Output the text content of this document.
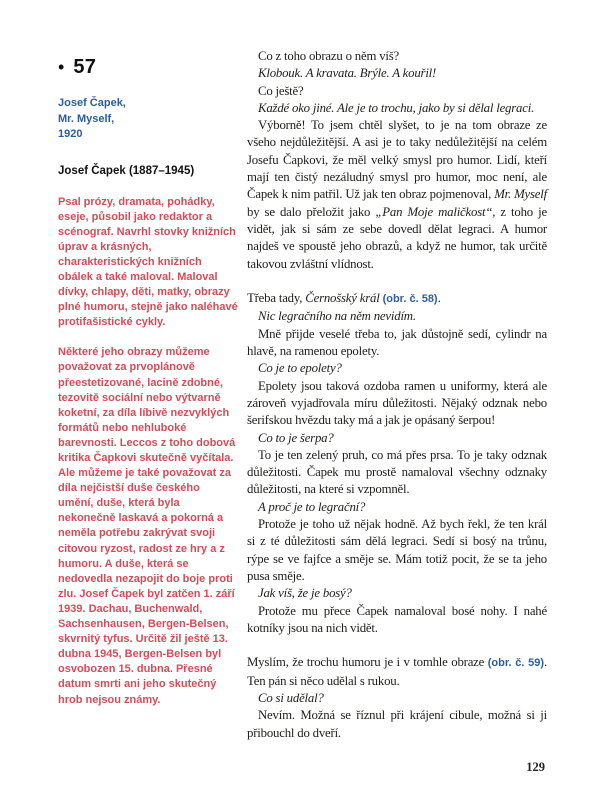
• 57
Josef Čapek,
Mr. Myself,
1920
Josef Čapek (1887–1945)

Psal prózy, dramata, pohádky, eseje, působil jako redaktor a scénograf. Navrhl stovky knižních úprav a krásných, charakteristických knižních obálek a také maloval. Maloval dívky, chlapy, děti, matky, obrazy plné humoru, stejně jako naléhavé protifašistické cykly.

Některé jeho obrazy můžeme považovat za prvoplánově přeestetizované, lacině zdobné, tezovitě sociální nebo výtvarně koketní, za díla líbivě nezvyklých formátů nebo nehluboké barevnosti. Leccos z toho dobová kritika Čapkovi skutečně vyčítala. Ale můžeme je také považovat za díla nejčistší duše českého umění, duše, která byla nekonečně laskavá a pokorná a neměla potřebu zakrývat svoji citovou ryzost, radost ze hry a z humoru. A duše, která se nedovedla nezapojit do boje proti zlu. Josef Čapek byl zatčen 1. září 1939. Dachau, Buchenwald, Sachsenhausen, Bergen-Belsen, skvrnitý tyfus. Určitě žil ještě 13. dubna 1945, Bergen-Belsen byl osvobozen 15. dubna. Přesné datum smrti ani jeho skutečný hrob nejsou známy.

Co z toho obrazu o něm víš?

Klobouk. A kravata. Brýle. A kouřil!

Co ještě?

Každé oko jiné. Ale je to trochu, jako by si dělal legraci.

Výborně! To jsem chtěl slyšet, to je na tom obraze ze všeho nejdůležitější. A asi je to taky nedůležitější na celém Josefu Čapkovi, že měl velký smysl pro humor. Lidí, kteří mají ten čistý nezáludný smysl pro humor, moc není, ale Čapek k nim patřil. Už jak ten obraz pojmenoval, Mr. Myself by se dalo přeložit jako „Pan Moje maličkost“, z toho je vidět, jak si sám ze sebe dovedl dělat legraci. A humor najdeš ve spoustě jeho obrazů, a když ne humor, tak určitě takovou zvláštní vlídnost.

Třeba tady, Černošský král (obr. č. 58).

Nic legračního na něm nevidím.

Mně přijde veselé třeba to, jak důstojně sedí, cylindr na hlavě, na ramenou epolety.

Co je to epolety?

Epolety jsou taková ozdoba ramen u uniformy, která ale zároveň vyjadřovala míru důležitosti. Nějaký odznak nebo šerifskou hvězdu taky má a jak je opásaný šerpou!

Co to je šerpa?

To je ten zelený pruh, co má přes prsa. To je taky odznak důležitosti. Čapek mu prostě namaloval všechny odznaky důležitosti, na které si vzpomněl.

A proč je to legrační?

Protože je toho už nějak hodně. Až bych řekl, že ten král si z té důležitosti sám dělá legraci. Sedí si bosý na trůnu, rýpe se ve fajfce a směje se. Mám totiž pocit, že se ta jeho pusa směje.

Jak víš, že je bosý?

Protože mu přece Čapek namaloval bosé nohy. I nahé kotníky jsou na nich vidět.

Myslím, že trochu humoru je i v tomhle obraze (obr. č. 59). Ten pán si něco udělal s rukou.

Co si udělal?

Nevím. Možná se říznul při krájení cibule, možná si ji přibouchl do dveří.

129
